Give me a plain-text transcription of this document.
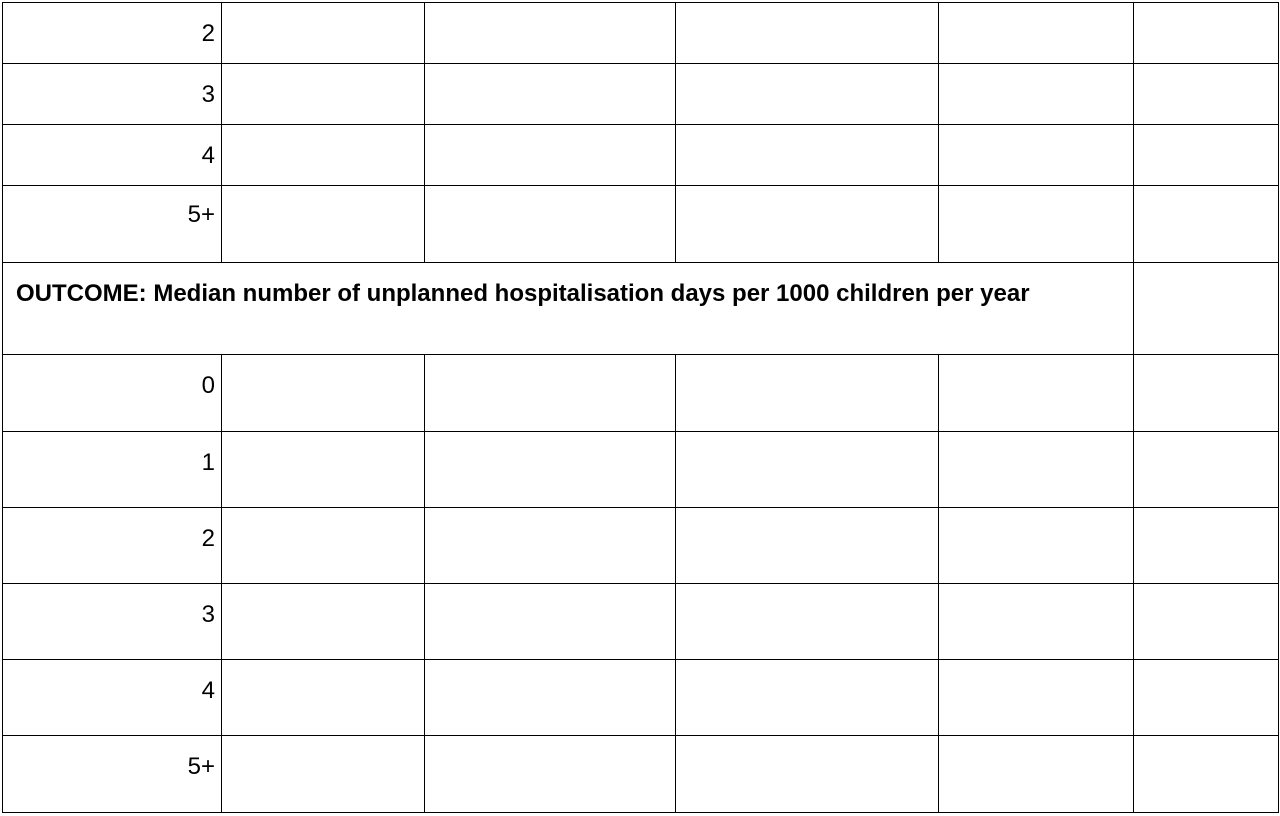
2
3
4
5+
OUTCOME: Median number of unplanned hospitalisation days per 1000 children per year
0
1
2
3
4
5+
